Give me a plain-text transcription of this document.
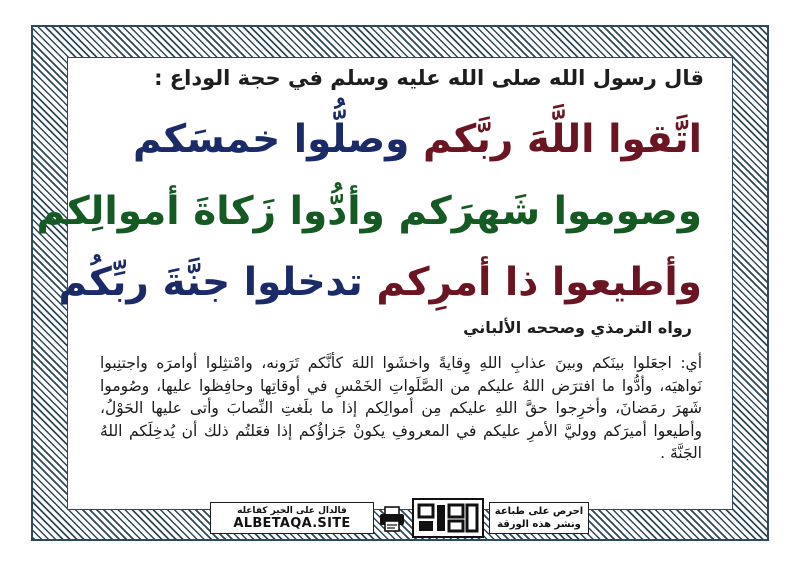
قال رسول الله صلى الله عليه وسلم في حجة الوداع :
اتَّقوا اللَّهَ ربَّكم وصلُّوا خمسَكم
وصوموا شَهرَكم وأدُّوا زَكاةَ أموالِكم
وأطيعوا ذا أمرِكم تدخلوا جنَّةَ ربِّكُم
رواه الترمذي وصححه الألباني
أي: اجعَلوا بينَكم وبينَ عذابِ اللهِ وِقايةً واخشَوا اللهَ كأنَّكم تَرَونه، وامْتثِلوا أوامرَه واجتنِبوا نَواهيَه، وأدُّوا ما افترَض اللهُ عليكم من الصَّلَواتِ الخَمْسِ في أوقاتِها وحافِظوا عليها، وصُوموا شَهرَ رمَضانَ، وأخرِجوا حقَّ اللهِ عليكم مِن أموالِكم إذا ما بلَغتِ النِّصابَ وأتى عليها الحَوْلُ، وأطيعوا أميرَكم ووليَّ الأمرِ عليكم في المعروفِ يكونْ جَزاؤُكم إذا فعَلتُم ذلك أن يُدخِلَكم اللهُ الجَنَّةَ .
فالدال على الخير كفاعله
ALBETAQA.SITE
احرص على طباعة
ونشر هذه الورقة
